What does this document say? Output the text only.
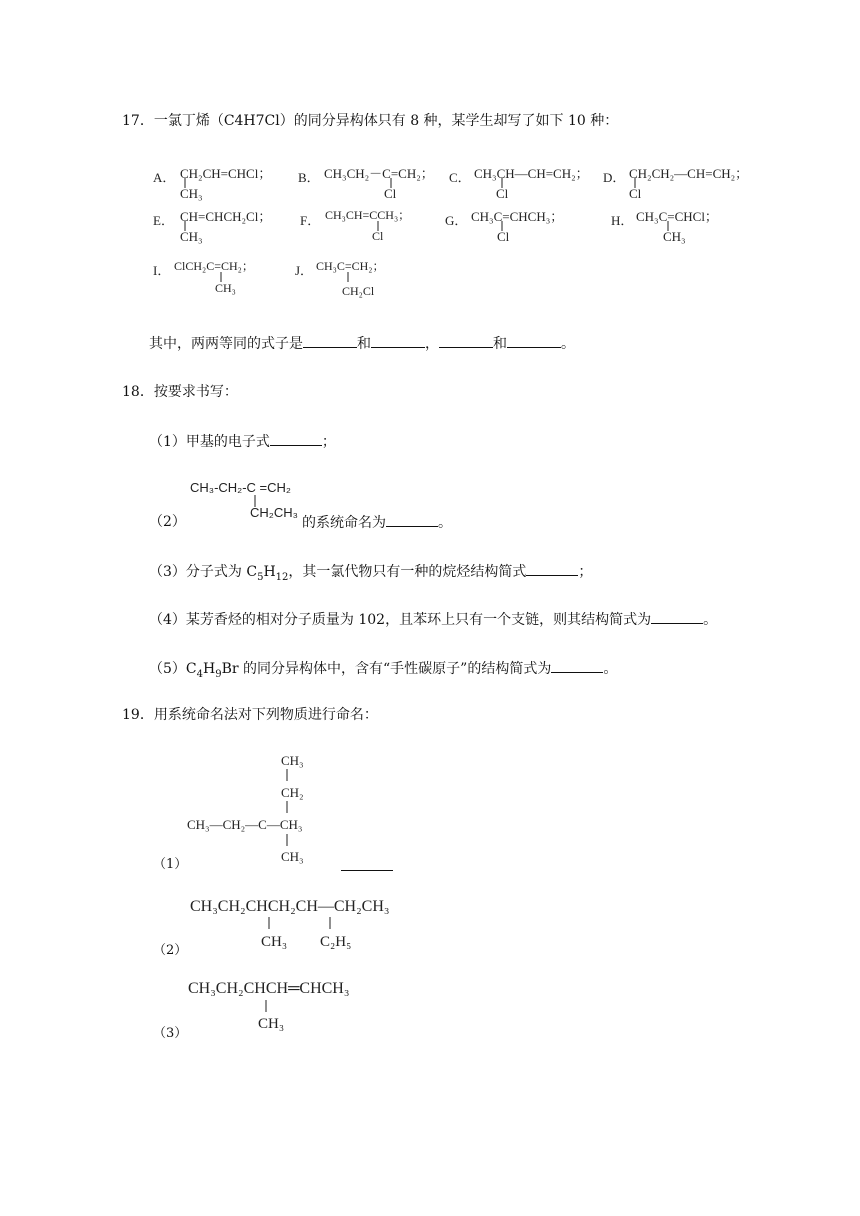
17．一氯丁烯（C4H7Cl）的同分异构体只有 8 种，某学生却写了如下 10 种：
A． CH₂CH=CHCl；
CH₃
B． CH₃CH₂－C=CH₂；
Cl
C． CH₃CH—CH=CH₂；
Cl
D． CH₂CH₂—CH=CH₂；
Cl
E． CH=CHCH₂Cl；
CH₃
F． CH₃CH=CCH₃；
Cl
G． CH₃C=CHCH₃；
Cl
H． CH₃C=CHCl；
CH₃
I． ClCH₂C=CH₂；
CH₃
J． CH₃C=CH₂；
CH₂Cl
其中，两两等同的式子是	和	，	和	。
18．按要求书写：
（1）甲基的电子式	；
CH₃-CH₂-C =CH₂
CH₂CH₃
（2）	的系统命名为	。
（3）分子式为 $C_5H_{12}$，其一氯代物只有一种的烷烃结构简式	；
（4）某芳香烃的相对分子质量为 102，且苯环上只有一个支链，则其结构简式为	。
$(5)C_4H_9Br$ 的同分异构体中，含有“手性碳原子”的结构简式为	。
19．用系统命名法对下列物质进行命名：
CH₃
CH₂
CH₃—CH₂—C—CH₃
CH₃
（1）
CH₃CH₂CHCH₂CH—CH₂CH₃
CH₃ C₂H₅
（2）
CH₃CH₂CHCH═CHCH₃
CH₃
（3）
